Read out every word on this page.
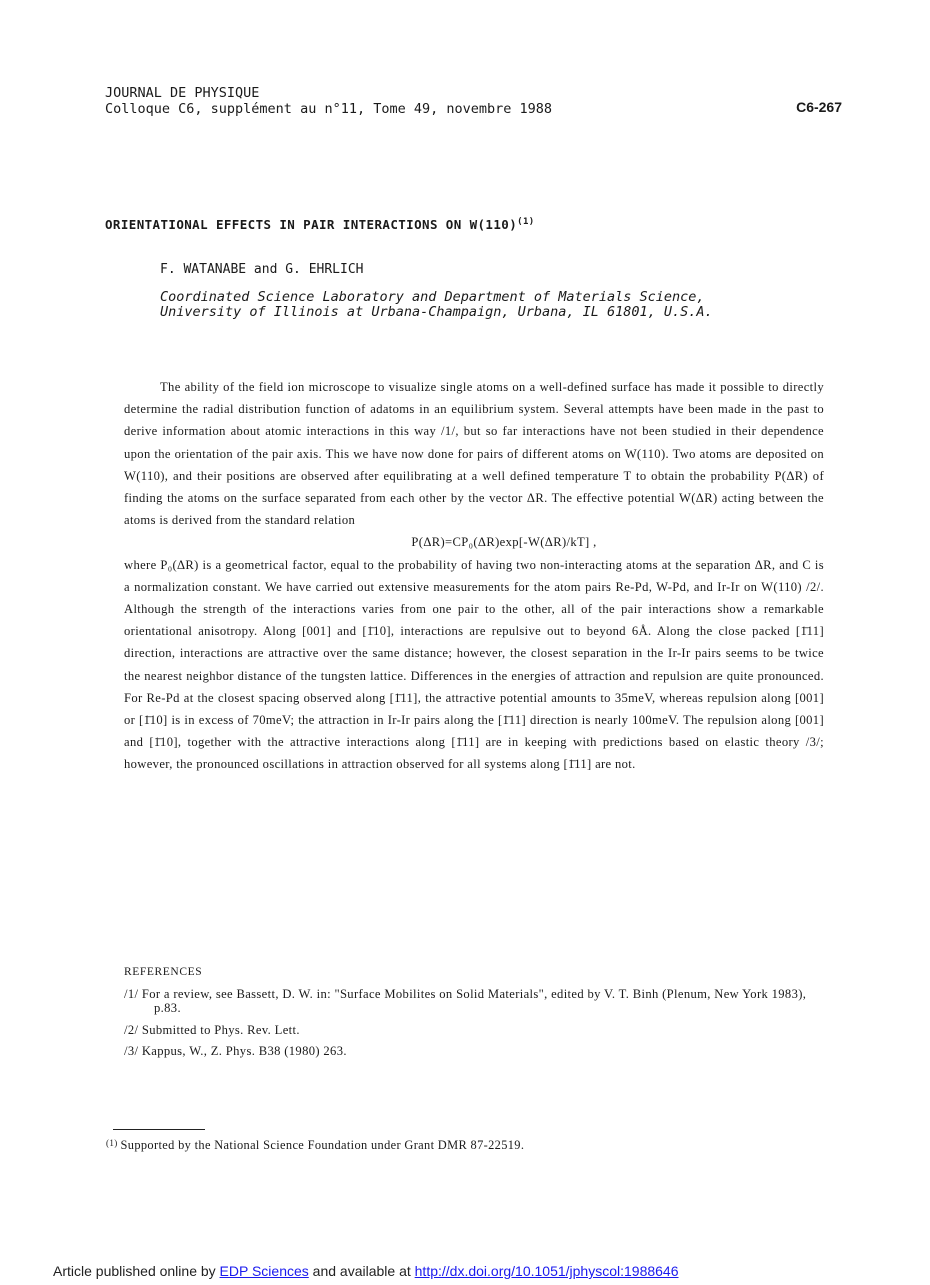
JOURNAL DE PHYSIQUE
Colloque C6, supplément au n°11, Tome 49, novembre 1988	C6-267
ORIENTATIONAL EFFECTS IN PAIR INTERACTIONS ON $W(110)^{(1)}$
F. WATANABE and G. EHRLICH
Coordinated Science Laboratory and Department of Materials Science,
University of Illinois at Urbana-Champaign, Urbana, IL 61801, U.S.A.

The ability of the field ion microscope to visualize single atoms on a well-defined surface has made it possible to directly determine the radial distribution function of adatoms in an equilibrium system. Several attempts have been made in the past to derive information about atomic interactions in this way /1/, but so far interactions have not been studied in their dependence upon the orientation of the pair axis. This we have now done for pairs of different atoms on W(110). Two atoms are deposited on W(110), and their positions are observed after equilibrating at a well defined temperature T to obtain the probability P(ΔR) of finding the atoms on the surface separated from each other by the vector ΔR. The effective potential W(ΔR) acting between the atoms is derived from the standard relation

P(ΔR)=CP₀(ΔR)exp[-W(ΔR)/kT] ,

where P₀(ΔR) is a geometrical factor, equal to the probability of having two non-interacting atoms at the separation ΔR, and C is a normalization constant. We have carried out extensive measurements for the atom pairs Re-Pd, W-Pd, and Ir-Ir on W(110) /2/. Although the strength of the interactions varies from one pair to the other, all of the pair interactions show a remarkable orientational anisotropy. Along [001] and [1̄10], interactions are repulsive out to beyond 6Å. Along the close packed [1̄11] direction, interactions are attractive over the same distance; however, the closest separation in the Ir-Ir pairs seems to be twice the nearest neighbor distance of the tungsten lattice. Differences in the energies of attraction and repulsion are quite pronounced. For Re-Pd at the closest spacing observed along [1̄11], the attractive potential amounts to 35meV, whereas repulsion along [001] or [1̄10] is in excess of 70meV; the attraction in Ir-Ir pairs along the [1̄11] direction is nearly 100meV. The repulsion along [001] and [1̄10], together with the attractive interactions along [1̄11] are in keeping with predictions based on elastic theory /3/; however, the pronounced oscillations in attraction observed for all systems along [1̄11] are not.

REFERENCES
/1/ For a review, see Bassett, D. W. in: "Surface Mobilites on Solid Materials", edited by V. T. Binh (Plenum, New York 1983), p.83.
/2/ Submitted to Phys. Rev. Lett.
/3/ Kappus, W., Z. Phys. B38 (1980) 263.
$^{(1)}$ Supported by the National Science Foundation under Grant DMR 87-22519.
Article published online by EDP Sciences and available at http://dx.doi.org/10.1051/jphyscol:1988646
